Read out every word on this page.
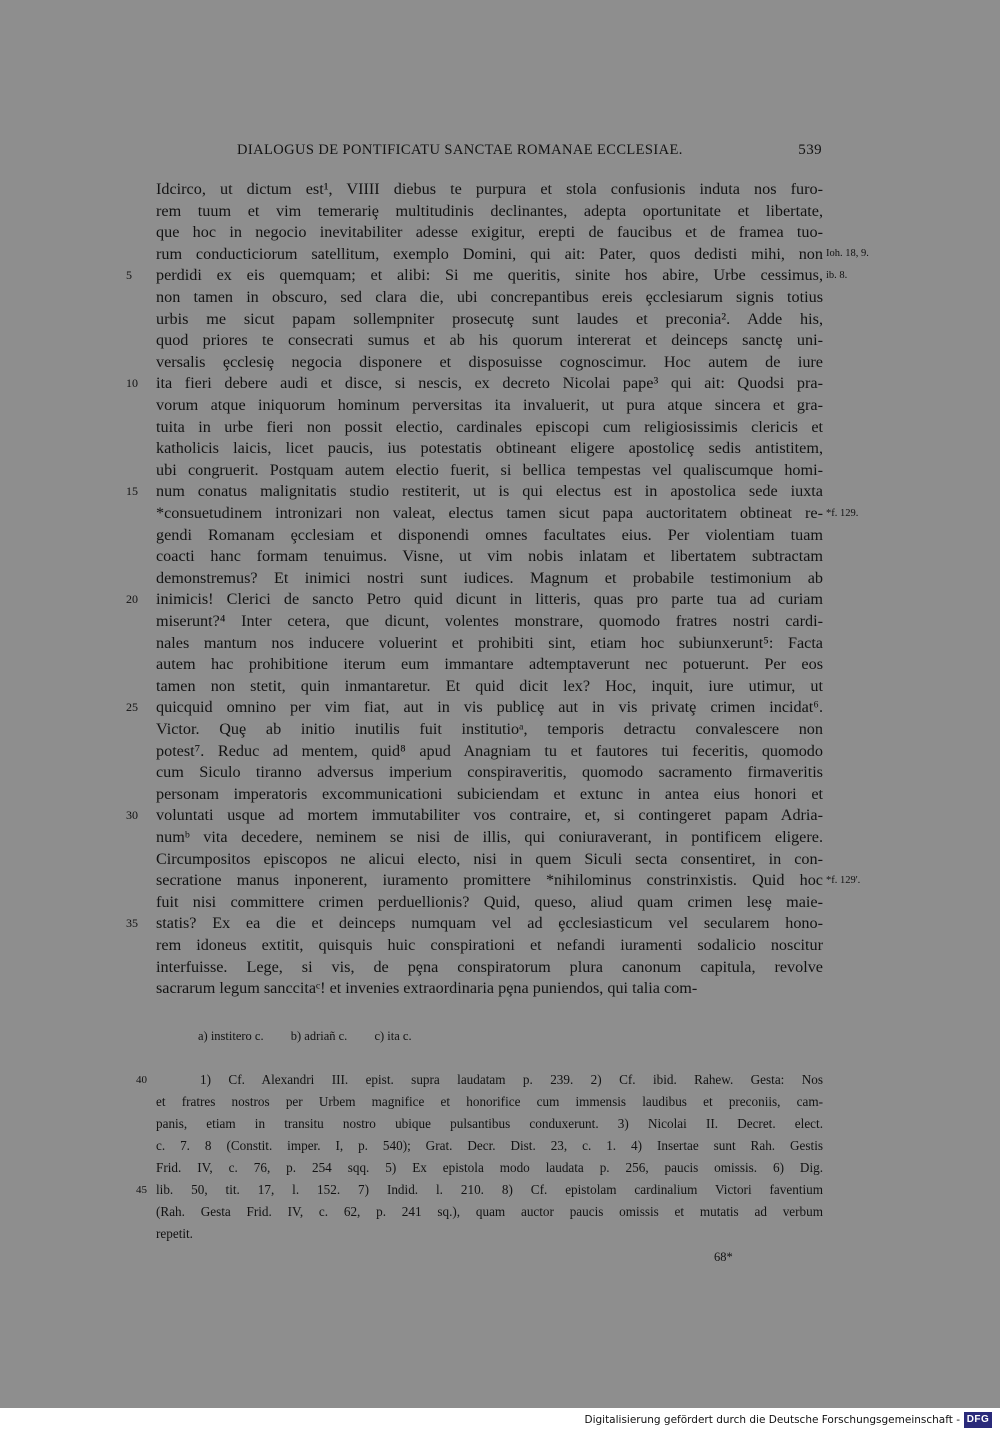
DIALOGUS DE PONTIFICATU SANCTAE ROMANAE ECCLESIAE.	539
Idcirco, ut dictum est¹, VIIII diebus te purpura et stola confusionis induta nos furo-
rem tuum et vim temerariȩ multitudinis declinantes, adepta oportunitate et libertate,
que hoc in negocio inevitabiliter adesse exigitur, erepti de faucibus et de framea tuo-
rum conducticiorum satellitum, exemplo Domini, qui ait: Pater, quos dedisti mihi, non
perdidi ex eis quemquam; et alibi: Si me queritis, sinite hos abire, Urbe cessimus,
non tamen in obscuro, sed clara die, ubi concrepantibus ereis ȩcclesiarum signis totius
urbis me sicut papam sollempniter prosecutȩ sunt laudes et preconia². Adde his,
quod priores te consecrati sumus et ab his quorum intererat et deinceps sanctȩ uni-
versalis ȩcclesiȩ negocia disponere et disposuisse cognoscimur. Hoc autem de iure
ita fieri debere audi et disce, si nescis, ex decreto Nicolai pape³ qui ait: Quodsi pra-
vorum atque iniquorum hominum perversitas ita invaluerit, ut pura atque sincera et gra-
tuita in urbe fieri non possit electio, cardinales episcopi cum religiosissimis clericis et
katholicis laicis, licet paucis, ius potestatis obtineant eligere apostolicȩ sedis antistitem,
ubi congruerit. Postquam autem electio fuerit, si bellica tempestas vel qualiscumque homi-
num conatus malignitatis studio restiterit, ut is qui electus est in apostolica sede iuxta
*consuetudinem intronizari non valeat, electus tamen sicut papa auctoritatem obtineat re-
gendi Romanam ȩcclesiam et disponendi omnes facultates eius. Per violentiam tuam
coacti hanc formam tenuimus. Visne, ut vim nobis inlatam et libertatem subtractam
demonstremus? Et inimici nostri sunt iudices. Magnum et probabile testimonium ab
inimicis! Clerici de sancto Petro quid dicunt in litteris, quas pro parte tua ad curiam
miserunt?⁴ Inter cetera, que dicunt, volentes monstrare, quomodo fratres nostri cardi-
nales mantum nos inducere voluerint et prohibiti sint, etiam hoc subiunxerunt⁵: Facta
autem hac prohibitione iterum eum immantare adtemptaverunt nec potuerunt. Per eos
tamen non stetit, quin inmantaretur. Et quid dicit lex? Hoc, inquit, iure utimur, ut
quicquid omnino per vim fiat, aut in vis publicȩ aut in vis privatȩ crimen incidat⁶.
Victor. Quȩ ab initio inutilis fuit institutioᵃ, temporis detractu convalescere non
potest⁷. Reduc ad mentem, quid⁸ apud Anagniam tu et fautores tui feceritis, quomodo
cum Siculo tiranno adversus imperium conspiraveritis, quomodo sacramento firmaveritis
personam imperatoris excommunicationi subiciendam et extunc in antea eius honori et
voluntati usque ad mortem immutabiliter vos contraire, et, si contingeret papam Adria-
numᵇ vita decedere, neminem se nisi de illis, qui coniuraverant, in pontificem eligere.
Circumpositos episcopos ne alicui electo, nisi in quem Siculi secta consentiret, in con-
secratione manus inponerent, iuramento promittere *nihilominus constrinxistis. Quid hoc
fuit nisi committere crimen perduellionis? Quid, queso, aliud quam crimen lesȩ maie-
statis? Ex ea die et deinceps numquam vel ad ȩcclesiasticum vel secularem hono-
rem idoneus extitit, quisquis huic conspirationi et nefandi iuramenti sodalicio noscitur
interfuisse. Lege, si vis, de pȩna conspiratorum plura canonum capitula, revolve
sacrarum legum sanccitaᶜ! et invenies extraordinaria pȩna puniendos, qui talia com-
5
10
15
20
25
30
35
Ioh. 18, 9.
ib. 8.
*f. 129.
*f. 129'.
a) institero c. b) adriañ c. c) ita c.
40
45
1) Cf. Alexandri III. epist. supra laudatam p. 239. 2) Cf. ibid. Rahew. Gesta: Nos
et fratres nostros per Urbem magnifice et honorifice cum immensis laudibus et preconiis, cam-
panis, etiam in transitu nostro ubique pulsantibus conduxerunt. 3) Nicolai II. Decret. elect.
c. 7. 8 (Constit. imper. I, p. 540); Grat. Decr. Dist. 23, c. 1. 4) Insertae sunt Rah. Gestis
Frid. IV, c. 76, p. 254 sqq. 5) Ex epistola modo laudata p. 256, paucis omissis. 6) Dig.
lib. 50, tit. 17, l. 152. 7) Indid. l. 210. 8) Cf. epistolam cardinalium Victori faventium
(Rah. Gesta Frid. IV, c. 62, p. 241 sq.), quam auctor paucis omissis et mutatis ad verbum
repetit.
68*
Digitalisierung gefördert durch die Deutsche Forschungsgemeinschaft - DFG
